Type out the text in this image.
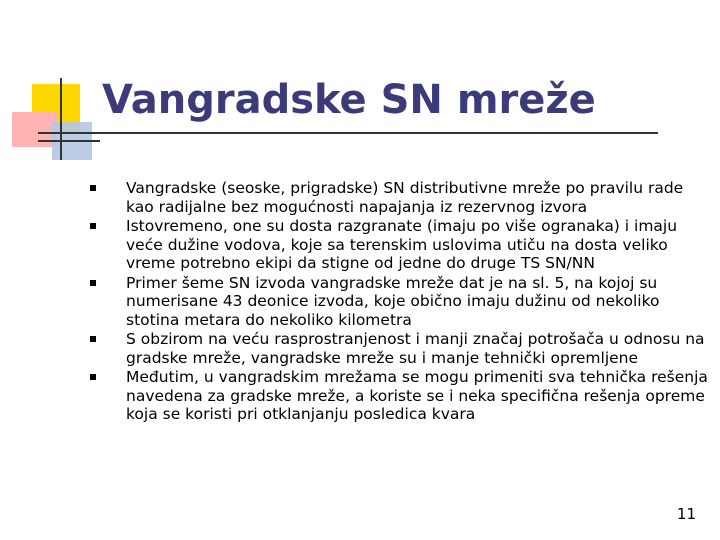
Vangradske SN mreže
Vangradske (seoske, prigradske) SN distributivne mreže po pravilu rade kao radijalne bez mogućnosti napajanja iz rezervnog izvora
Istovremeno, one su dosta razgranate (imaju po više ogranaka) i imaju veće dužine vodova, koje sa terenskim uslovima utiču na dosta veliko vreme potrebno ekipi da stigne od jedne do druge TS SN/NN
Primer šeme SN izvoda vangradske mreže dat je na sl. 5, na kojoj su numerisane 43 deonice izvoda, koje obično imaju dužinu od nekoliko stotina metara do nekoliko kilometra
S obzirom na veću rasprostranjenost i manji značaj potrošača u odnosu na gradske mreže, vangradske mreže su i manje tehnički opremljene
Međutim, u vangradskim mrežama se mogu primeniti sva tehnička rešenja navedena za gradske mreže, a koriste se i neka specifična rešenja opreme koja se koristi pri otklanjanju posledica kvara
11
